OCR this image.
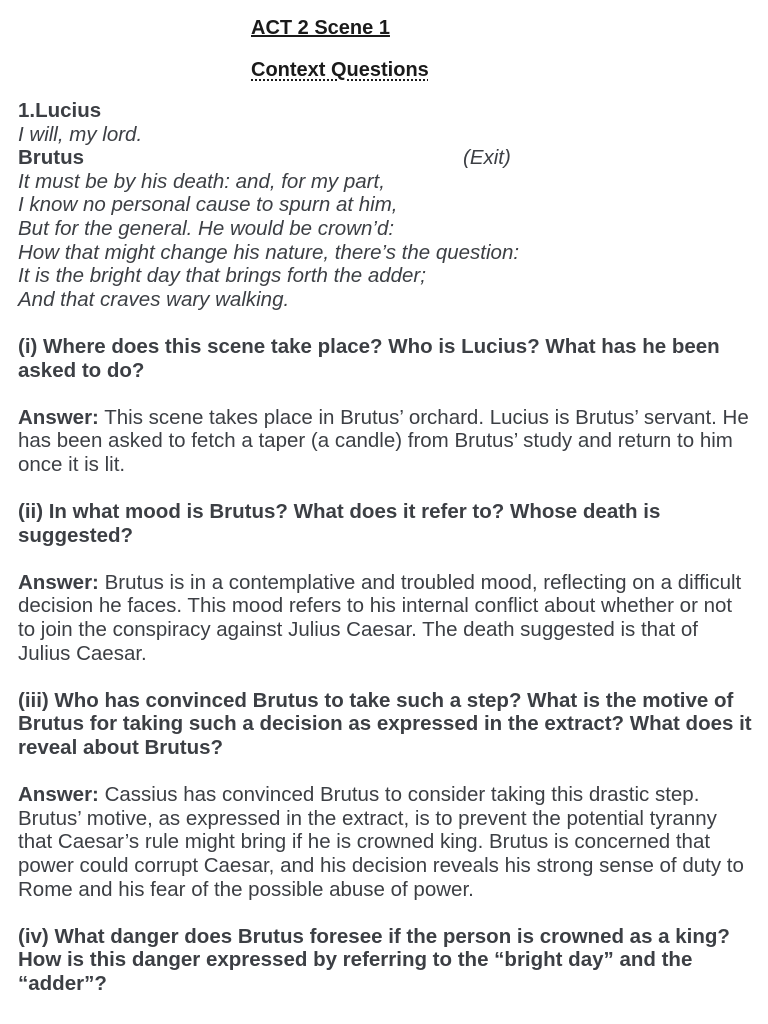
ACT 2 Scene 1
Context Questions
1.Lucius
I will, my lord.
Brutus	(Exit)
It must be by his death: and, for my part,
I know no personal cause to spurn at him,
But for the general. He would be crown’d:
How that might change his nature, there’s the question:
It is the bright day that brings forth the adder;
And that craves wary walking.
(i) Where does this scene take place? Who is Lucius? What has he been asked to do?
Answer: This scene takes place in Brutus’ orchard. Lucius is Brutus’ servant. He has been asked to fetch a taper (a candle) from Brutus’ study and return to him once it is lit.
(ii) In what mood is Brutus? What does it refer to? Whose death is suggested?
Answer: Brutus is in a contemplative and troubled mood, reflecting on a difficult decision he faces. This mood refers to his internal conflict about whether or not to join the conspiracy against Julius Caesar. The death suggested is that of Julius Caesar.
(iii) Who has convinced Brutus to take such a step? What is the motive of Brutus for taking such a decision as expressed in the extract? What does it reveal about Brutus?
Answer: Cassius has convinced Brutus to consider taking this drastic step. Brutus’ motive, as expressed in the extract, is to prevent the potential tyranny that Caesar’s rule might bring if he is crowned king. Brutus is concerned that power could corrupt Caesar, and his decision reveals his strong sense of duty to Rome and his fear of the possible abuse of power.
(iv) What danger does Brutus foresee if the person is crowned as a king? How is this danger expressed by referring to the “bright day” and the “adder”?
